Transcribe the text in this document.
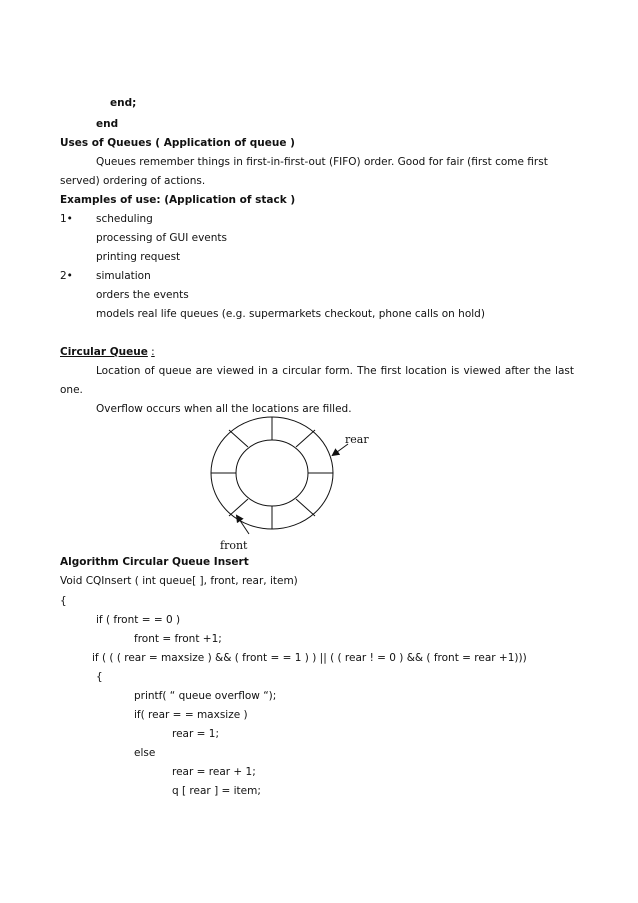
end;
end
Uses of Queues ( Application of queue )
Queues remember things in first-in-first-out (FIFO) order. Good for fair (first come first
served) ordering of actions.
Examples of use: (Application of stack )
1• scheduling
processing of GUI events
printing request
2• simulation
orders the events
models real life queues (e.g. supermarkets checkout, phone calls on hold)
Circular Queue :
Location of queue are viewed in a circular form. The first location is viewed after the last
one.
Overflow occurs when all the locations are filled.
rear
front
Algorithm Circular Queue Insert
Void CQInsert ( int queue[ ], front, rear, item)
{
if ( front = = 0 )
front = front +1;
if ( ( ( rear = maxsize ) && ( front = = 1 ) ) || ( ( rear ! = 0 ) && ( front = rear +1)))
{
printf( “ queue overflow “);
if( rear = = maxsize )
rear = 1;
else
rear = rear + 1;
q [ rear ] = item;
